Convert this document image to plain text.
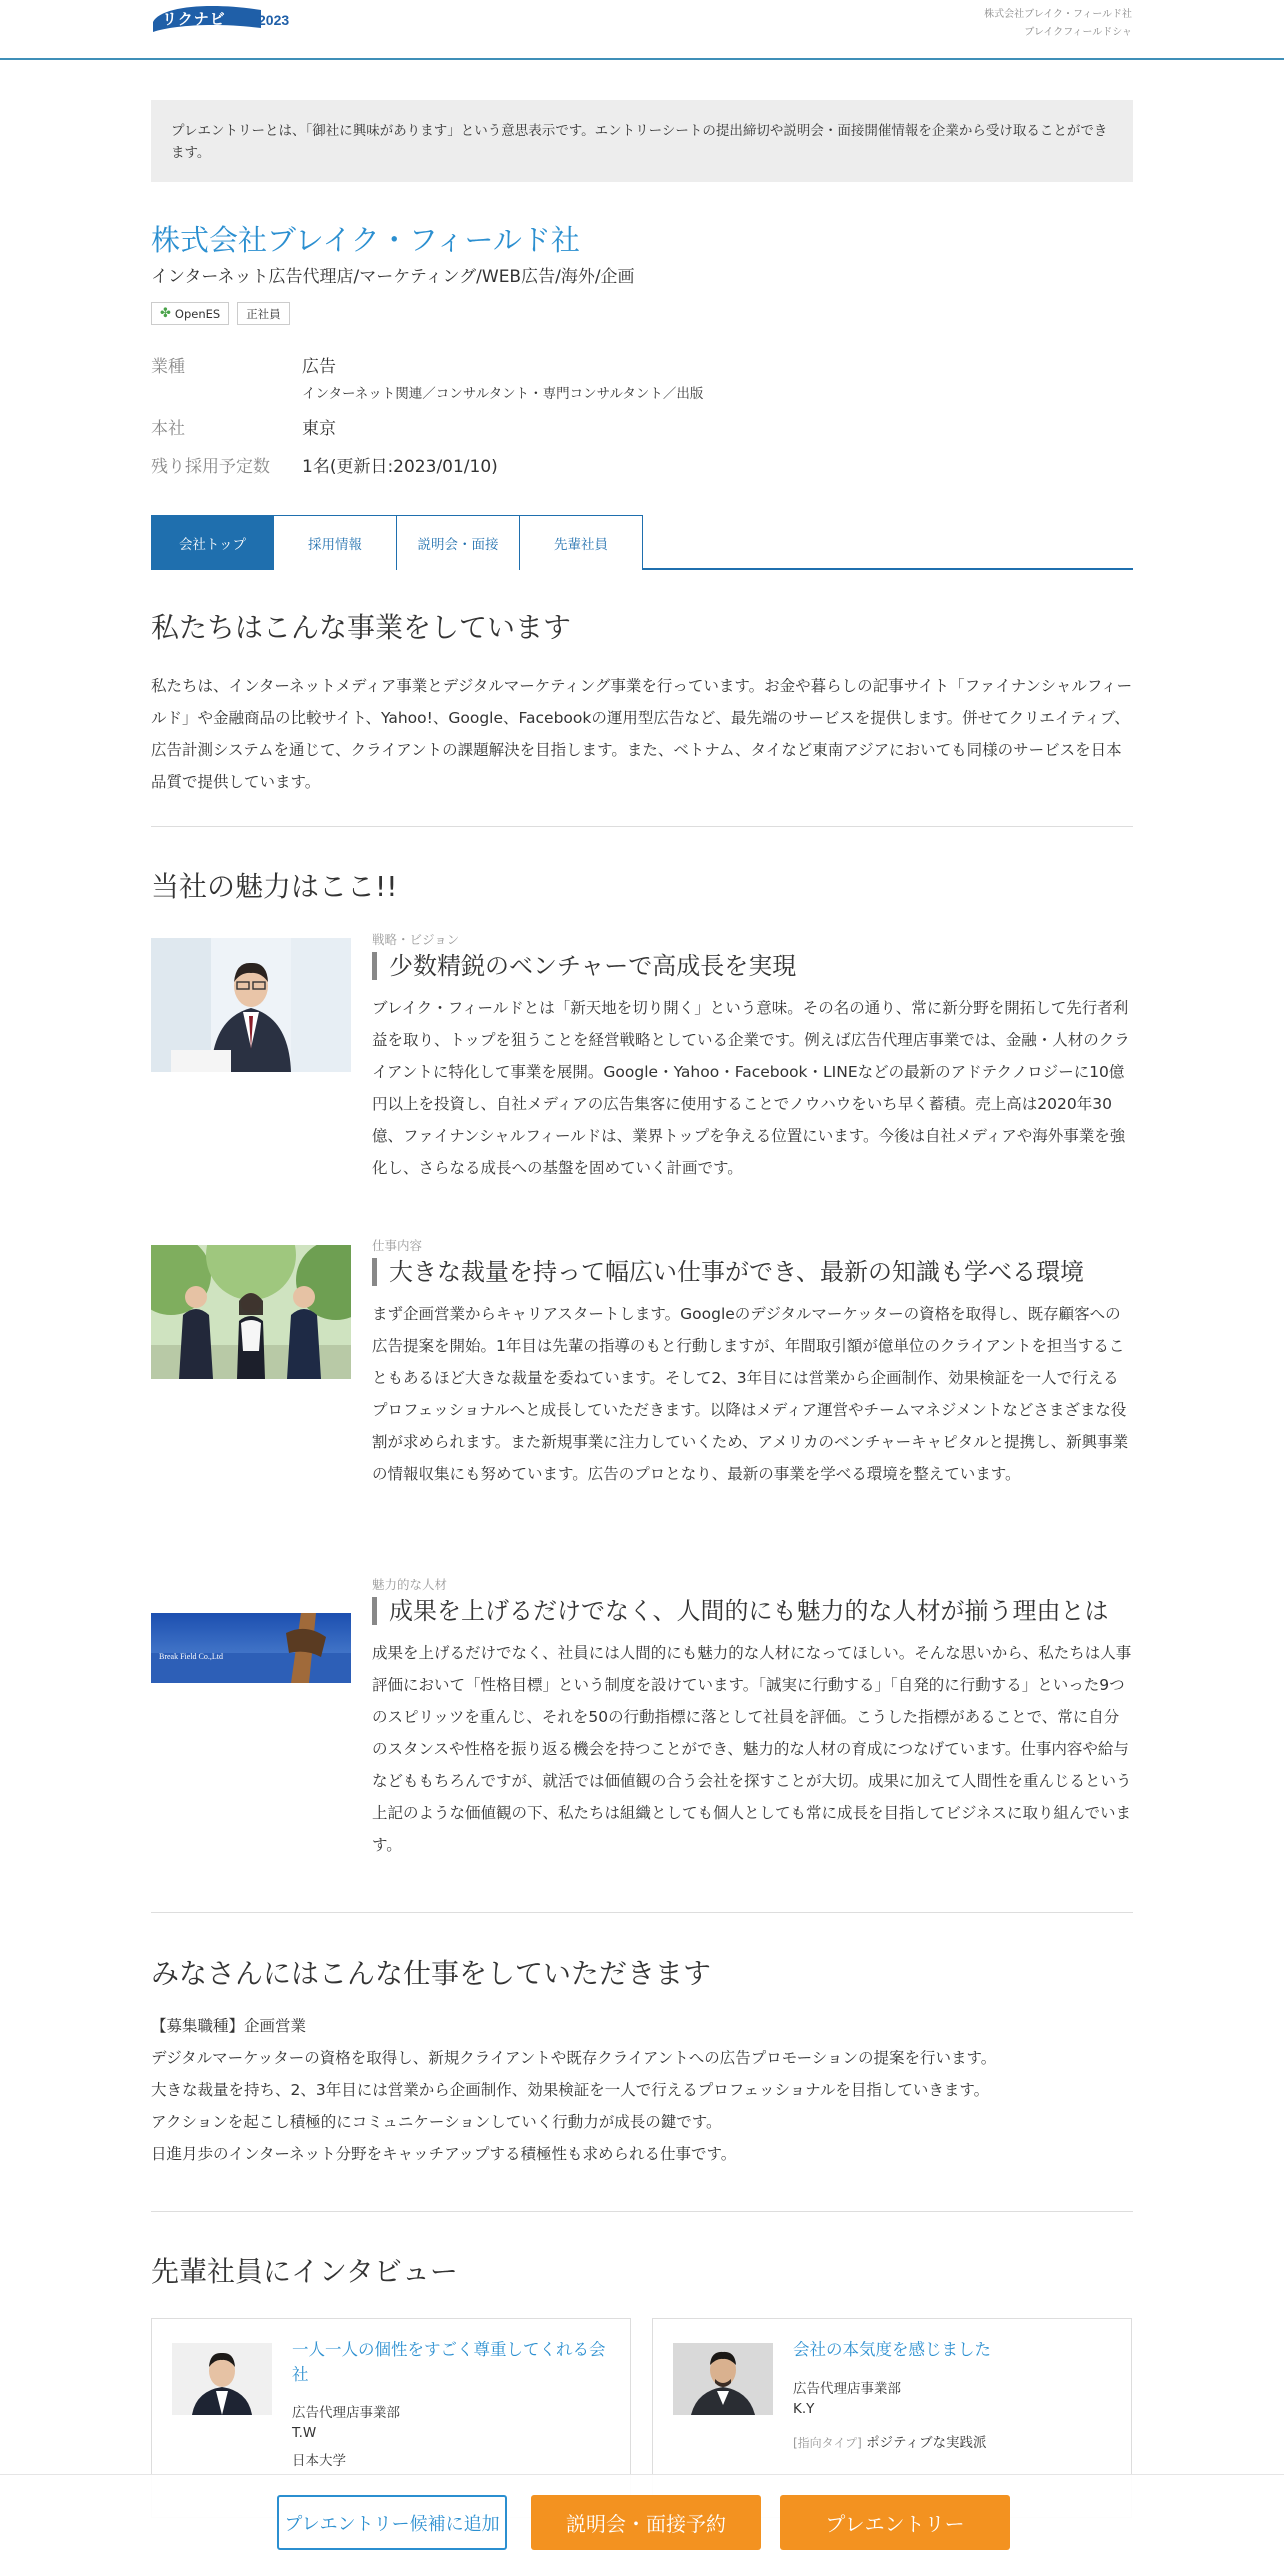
リクナビ 2023	株式会社ブレイク・フィールド社
ブレイクフィールドシャ
プレエントリーとは、「御社に興味があります」という意思表示です。エントリーシートの提出締切や説明会・面接開催情報を企業から受け取ることができます。
株式会社ブレイク・フィールド社
インターネット広告代理店/マーケティング/WEB広告/海外/企画
✤ OpenES 正社員
業種	広告
インターネット関連／コンサルタント・専門コンサルタント／出版
本社	東京
残り採用予定数 1名(更新日:2023/01/10)
会社トップ	採用情報	説明会・面接	先輩社員
私たちはこんな事業をしています

私たちは、インターネットメディア事業とデジタルマーケティング事業を行っています。お金や暮らしの記事サイト「ファイナンシャルフィールド」や金融商品の比較サイト、Yahoo!、Google、Facebookの運用型広告など、最先端のサービスを提供します。併せてクリエイティブ、広告計測システムを通じて、クライアントの課題解決を目指します。また、ベトナム、タイなど東南アジアにおいても同様のサービスを日本品質で提供しています。

当社の魅力はここ!!
戦略・ビジョン
少数精鋭のベンチャーで高成長を実現

ブレイク・フィールドとは「新天地を切り開く」という意味。その名の通り、常に新分野を開拓して先行者利益を取り、トップを狙うことを経営戦略としている企業です。例えば広告代理店事業では、金融・人材のクライアントに特化して事業を展開。Google・Yahoo・Facebook・LINEなどの最新のアドテクノロジーに10億円以上を投資し、自社メディアの広告集客に使用することでノウハウをいち早く蓄積。売上高は2020年30億、ファイナンシャルフィールドは、業界トップを争える位置にいます。今後は自社メディアや海外事業を強化し、さらなる成長への基盤を固めていく計画です。

仕事内容
大きな裁量を持って幅広い仕事ができ、最新の知識も学べる環境

まず企画営業からキャリアスタートします。Googleのデジタルマーケッターの資格を取得し、既存顧客への広告提案を開始。1年目は先輩の指導のもと行動しますが、年間取引額が億単位のクライアントを担当することもあるほど大きな裁量を委ねています。そして2、3年目には営業から企画制作、効果検証を一人で行えるプロフェッショナルへと成長していただきます。以降はメディア運営やチームマネジメントなどさまざまな役割が求められます。また新規事業に注力していくため、アメリカのベンチャーキャピタルと提携し、新興事業の情報収集にも努めています。広告のプロとなり、最新の事業を学べる環境を整えています。

Break Field Co.,Ltd
魅力的な人材
成果を上げるだけでなく、人間的にも魅力的な人材が揃う理由とは

成果を上げるだけでなく、社員には人間的にも魅力的な人材になってほしい。そんな思いから、私たちは人事評価において「性格目標」という制度を設けています。「誠実に行動する」「自発的に行動する」といった9つのスピリッツを重んじ、それを50の行動指標に落として社員を評価。こうした指標があることで、常に自分のスタンスや性格を振り返る機会を持つことができ、魅力的な人材の育成につなげています。仕事内容や給与などももちろんですが、就活では価値観の合う会社を探すことが大切。成果に加えて人間性を重んじるという上記のような価値観の下、私たちは組織としても個人としても常に成長を目指してビジネスに取り組んでいます。

みなさんにはこんな仕事をしていただきます
【募集職種】企画営業
デジタルマーケッターの資格を取得し、新規クライアントや既存クライアントへの広告プロモーションの提案を行います。
大きな裁量を持ち、2、3年目には営業から企画制作、効果検証を一人で行えるプロフェッショナルを目指していきます。
アクションを起こし積極的にコミュニケーションしていく行動力が成長の鍵です。
日進月歩のインターネット分野をキャッチアップする積極性も求められる仕事です。
先輩社員にインタビュー
一人一人の個性をすごく尊重してくれる会社
広告代理店事業部
T.W
日本大学
会社の本気度を感じました
広告代理店事業部
K.Y
[指向タイプ] ポジティブな実践派
プレエントリー候補に追加	説明会・面接予約	プレエントリー
